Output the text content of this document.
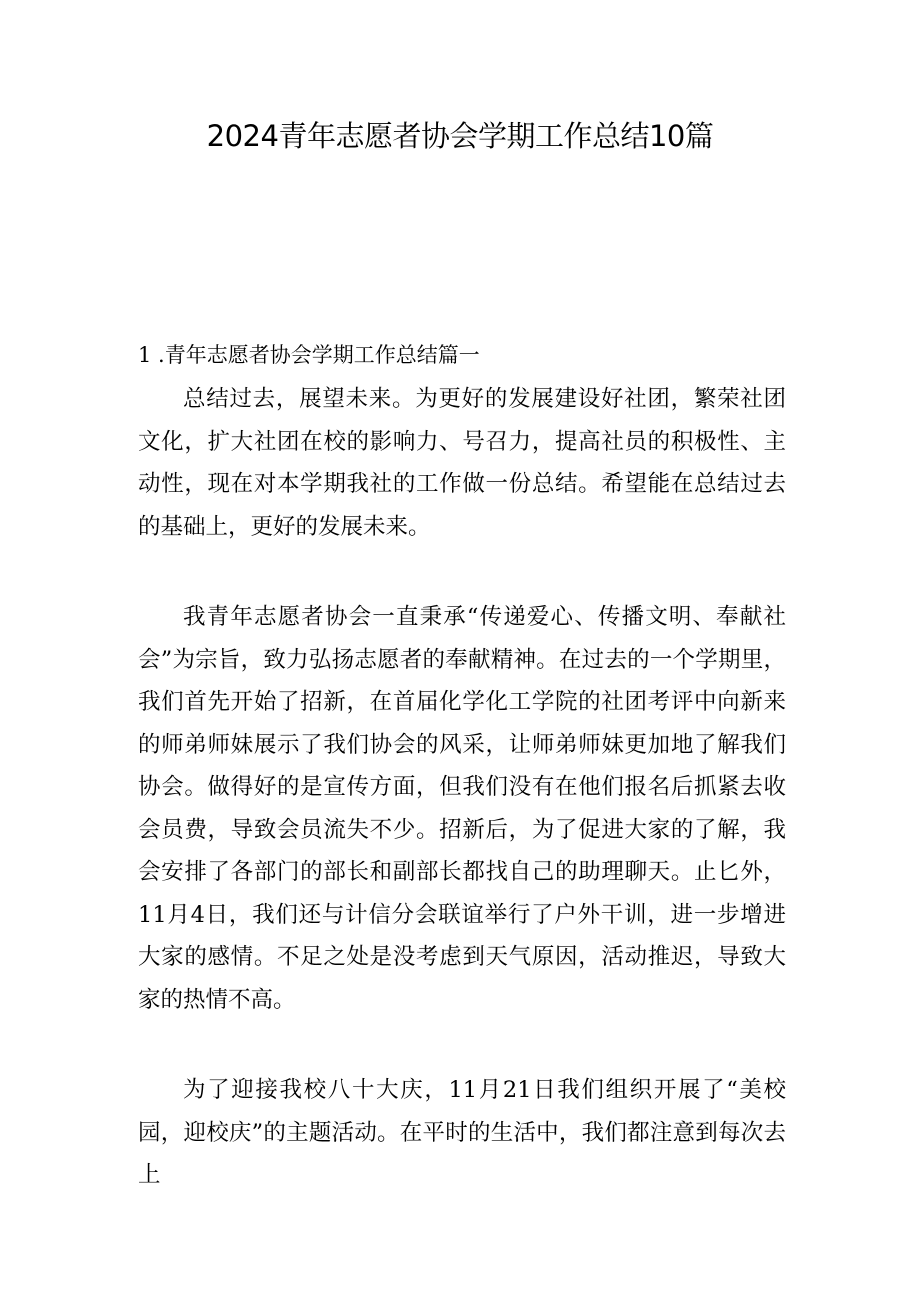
2024青年志愿者协会学期工作总结10篇
1 .青年志愿者协会学期工作总结篇一

总结过去，展望未来。为更好的发展建设好社团，繁荣社团文化，扩大社团在校的影响力、号召力，提高社员的积极性、主动性，现在对本学期我社的工作做一份总结。希望能在总结过去的基础上，更好的发展未来。

我青年志愿者协会一直秉承“传递爱心、传播文明、奉献社会”为宗旨，致力弘扬志愿者的奉献精神。在过去的一个学期里，我们首先开始了招新，在首届化学化工学院的社团考评中向新来的师弟师妹展示了我们协会的风采，让师弟师妹更加地了解我们协会。做得好的是宣传方面，但我们没有在他们报名后抓紧去收会员费，导致会员流失不少。招新后，为了促进大家的了解，我会安排了各部门的部长和副部长都找自己的助理聊天。止匕外，11月4日，我们还与计信分会联谊举行了户外干训，进一步增进大家的感情。不足之处是没考虑到天气原因，活动推迟，导致大家的热情不高。

为了迎接我校八十大庆，11月21日我们组织开展了“美校园，迎校庆”的主题活动。在平时的生活中，我们都注意到每次去上
